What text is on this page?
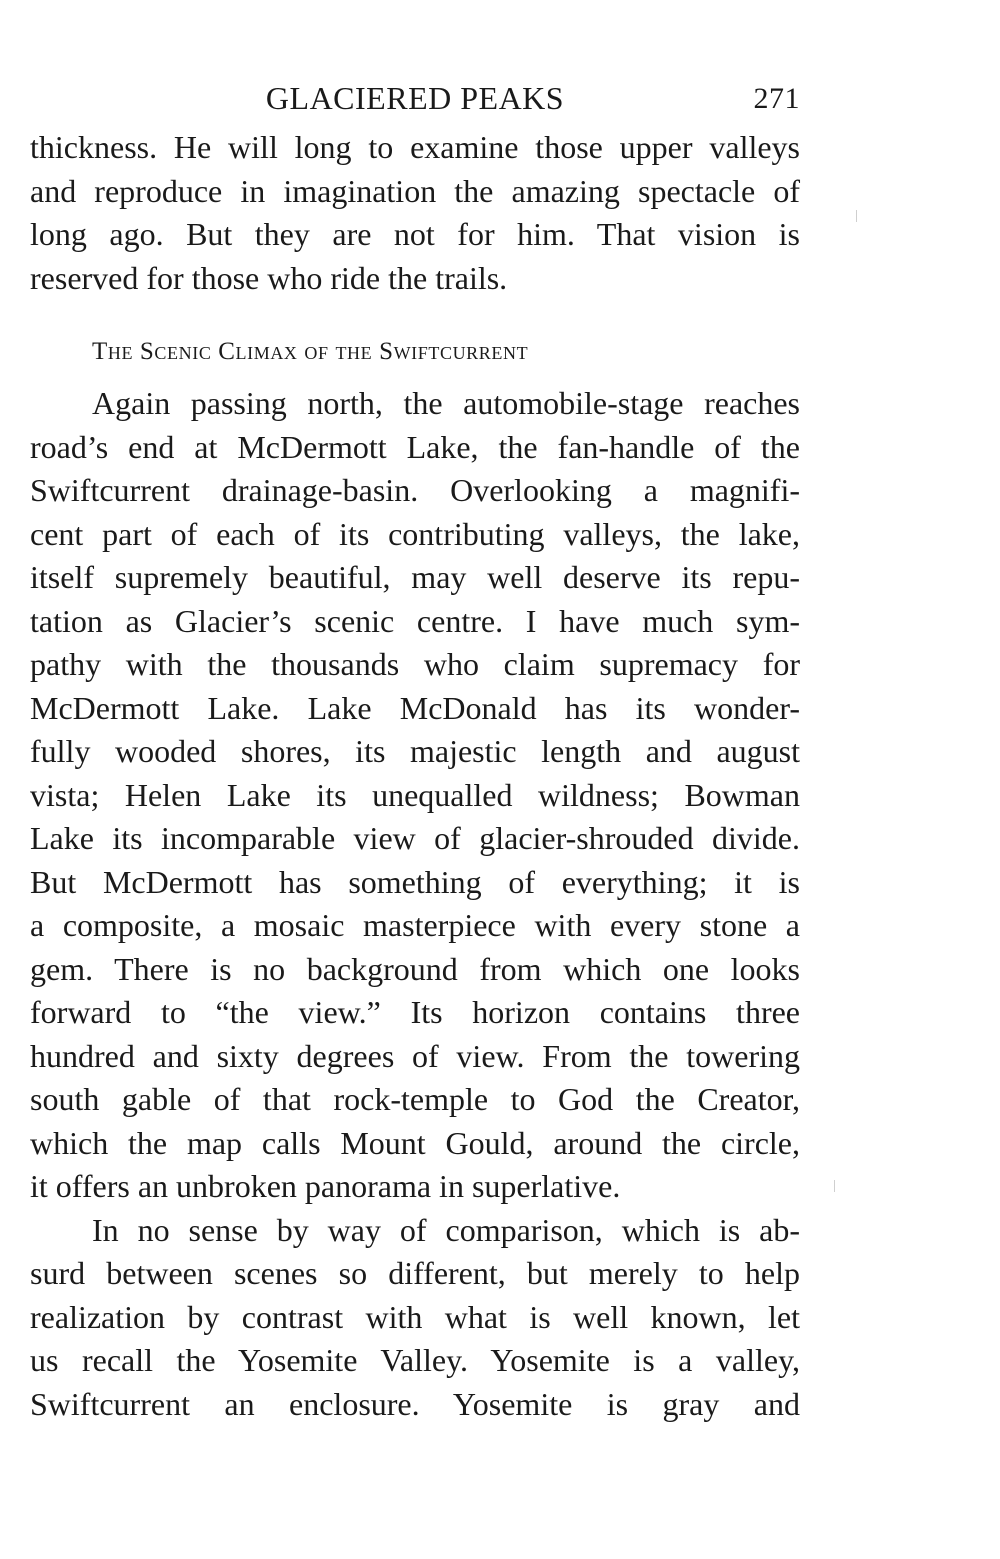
GLACIERED PEAKS	271

thickness. He will long to examine those upper valleys
and reproduce in imagination the amazing spectacle of
long ago. But they are not for him. That vision is
reserved for those who ride the trails.

The Scenic Climax of the Swiftcurrent

Again passing north, the automobile-stage reaches
road’s end at McDermott Lake, the fan-handle of the
Swiftcurrent drainage-basin. Overlooking a magnifi-
cent part of each of its contributing valleys, the lake,
itself supremely beautiful, may well deserve its repu-
tation as Glacier’s scenic centre. I have much sym-
pathy with the thousands who claim supremacy for
McDermott Lake. Lake McDonald has its wonder-
fully wooded shores, its majestic length and august
vista; Helen Lake its unequalled wildness; Bowman
Lake its incomparable view of glacier-shrouded divide.
But McDermott has something of everything; it is
a composite, a mosaic masterpiece with every stone a
gem. There is no background from which one looks
forward to “the view.” Its horizon contains three
hundred and sixty degrees of view. From the towering
south gable of that rock-temple to God the Creator,
which the map calls Mount Gould, around the circle,
it offers an unbroken panorama in superlative.

In no sense by way of comparison, which is ab-
surd between scenes so different, but merely to help
realization by contrast with what is well known, let
us recall the Yosemite Valley. Yosemite is a valley,
Swiftcurrent an enclosure. Yosemite is gray and
